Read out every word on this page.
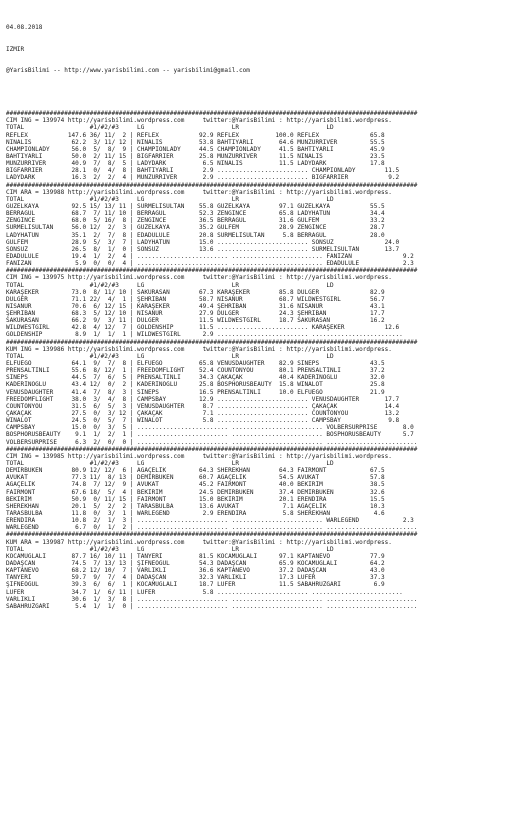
04.08.2018

IZMIR

@YarisBilimi -- http://www.yarisbilimi.com -- yarisbilimi@gmail.com

#################################################################################################################
CIM ING = 139974 http://yarisbilimi.wordpress.com     twitter:@YarisBilimi : http://yarisbilimi.wordpress.
TOTAL                  #1/#2/#3     LG                        LR                        LD
REFLEX           147.6 36/ 11/  2 | REFLEX           92.9 REFLEX          100.0 REFLEX              65.8
NINALIS           62.2  3/ 11/ 12 | NINALIS          53.8 BAHTIYARLI       64.6 MUNZURRIVER         55.5
CHAMPIONLADY      56.0  5/  8/  9 | CHAMPIONLADY     44.5 CHAMPIONLADY     41.5 BAHTIYARLI          45.9
BAHTIYARLI        50.0  2/ 11/ 15 | BIGFARRIER       25.8 MUNZURRIVER      11.5 NINALIS             23.5
MUNZURRIVER       40.9  7/  8/  5 | LADYDARK          6.5 NINALIS          11.5 LADYDARK            17.8
BIGFARRIER        28.1  0/  4/  8 | BAHTIYARLI        2.9 ......................... CHAMPIONLADY        11.5
LADYDARK          16.3  2/  2/  4 | MUNZURRIVER       2.9 ......................... BIGFARRIER           9.2
#################################################################################################################
CIM ARA = 139988 http://yarisbilimi.wordpress.com     twitter:@YarisBilimi : http://yarisbilimi.wordpress.
TOTAL                  #1/#2/#3     LG                        LR                        LD
GÜZELKAYA         92.5 15/ 13/ 11 | SÜRMELİSULTAN    55.8 GÜZELKAYA        97.1 GÜZELKAYA           55.5
BERRAGÜL          68.7  7/ 11/ 10 | BERRAGÜL         52.3 ZENGİNCE         65.8 LADYHATUN           34.4
ZENGİNCE          68.0  5/ 16/  8 | ZENGİNCE         36.5 BERRAGÜL         31.6 GÜLFEM              33.2
SÜRMELİSULTAN     56.0 12/  2/  3 | GÜZELKAYA        35.2 GÜLFEM           28.9 ZENGİNCE            28.7
LADYHATUN         35.1  2/  7/  8 | EDADULÜLE        20.8 SÜRMELİSULTAN     5.8 BERRAGÜL            28.0
GÜLFEM            28.9  5/  3/  7 | LADYHATUN        15.0 ......................... SONSUZ              24.0
SONSUZ            26.5  8/  1/  0 | SONSUZ           13.6 ......................... SÜRMELİSULTAN       13.7
EDADULÜLE         19.4  1/  2/  4 | ......................... ......................... FANİZAN              9.2
FANİZAN            5.9  0/  0/  4 | ......................... ......................... EDADULÜLE            2.3
#################################################################################################################
CIM ING = 139975 http://yarisbilimi.wordpress.com     twitter:@YarisBilimi : http://yarisbilimi.wordpress.
TOTAL                  #1/#2/#3     LG                        LR                        LD
KARAŞEKER         73.0  8/ 11/ 10 | SAKURASAN        67.3 KARAŞEKER        85.8 DÜLGER              82.9
DÜLGER            71.1 22/  4/  1 | ŞEHRİBAN         58.7 NİSANUR          68.7 WILDWESTGIRL        56.7
NİSANUR           70.6  6/ 12/ 15 | KARAŞEKER        49.4 ŞEHRİBAN         31.6 NİSANUR             43.1
ŞEHRİBAN          68.3  5/ 12/ 10 | NİSANUR          27.9 DÜLGER           24.3 ŞEHRİBAN            17.7
SAKURASAN         66.2  9/  3/ 11 | DÜLGER           11.5 WILDWESTGIRL     18.7 SAKURASAN           16.2
WILDWESTGIRL      42.8  4/ 12/  7 | GOLDENSHIP       11.5 ......................... KARAŞEKER           12.6
GOLDENSHIP         8.9  1/  1/  1 | WILDWESTGIRL      2.9 ......................... .........................
#################################################################################################################
KUM ING = 139986 http://yarisbilimi.wordpress.com     twitter:@YarisBilimi : http://yarisbilimi.wordpress.
TOTAL                  #1/#2/#3     LG                        LR                        LD
ELFUEGO           64.1  9/  7/  8 | ELFUEGO          65.8 VENUSDAUGHTER    82.9 SİNEPS              43.5
PRENSALTINLI      55.6  8/ 12/  1 | FREEDOMFLIGHT    52.4 COUNTONYOU       80.1 PRENSALTINLI        37.2
SİNEPS            44.5  7/  6/  5 | PRENSALTINLI     34.3 ÇAKAÇAK          40.4 KADERİNOĞLU         32.0
KADERİNOĞLU       43.4 12/  0/  2 | KADERİNOĞLU      25.8 BOSPHORUSBEAUTY  15.8 WINALOT             25.8
VENUSDAUGHTER     41.4  7/  8/  3 | SİNEPS           16.5 PRENSALTINLI     10.0 ELFUEGO             21.9
FREEDOMFLIGHT     38.0  3/  4/  8 | CAMPSBAY         12.9 ......................... VENUSDAUGHTER       17.7
COUNTONYOU        31.5  6/  5/  3 | VENUSDAUGHTER     8.7 ......................... ÇAKAÇAK             14.4
ÇAKAÇAK           27.5  0/  3/ 12 | ÇAKAÇAK           7.1 ......................... COUNTONYOU          13.2
WINALOT           24.5  0/  5/  7 | WINALOT           5.8 ......................... CAMPSBAY             9.8
CAMPSBAY          15.0  0/  3/  5 | ......................... ......................... VOLBERSURPRISE       8.0
BOSPHORUSBEAUTY    9.1  1/  2/  1 | ......................... ......................... BOSPHORUSBEAUTY      5.7
VOLBERSURPRISE     6.3  2/  0/  0 | ......................... ......................... .........................
#################################################################################################################
CIM ING = 139985 http://yarisbilimi.wordpress.com     twitter:@YarisBilimi : http://yarisbilimi.wordpress.
TOTAL                  #1/#2/#3     LG                        LR                        LD
DEMİRBÜKEN        80.9 12/ 12/  6 | AĞAÇELİK         64.3 SHEREKHAN        64.3 FAIRMONT            67.5
AVUKAT            77.3 11/  8/ 13 | DEMİRBÜKEN       60.7 AĞAÇELİK         54.5 AVUKAT              57.8
AĞAÇELİK          74.8  7/ 12/  9 | AVUKAT           45.2 FAIRMONT         40.0 BEKİRİM             38.5
FAIRMONT          67.6 18/  5/  4 | BEKİRİM          24.5 DEMİRBÜKEN       37.4 DEMİRBÜKEN          32.6
BEKİRİM           50.9  0/ 11/ 15 | FAIRMONT         15.0 BEKİRİM          20.1 ERENDIRA            15.5
SHEREKHAN         20.1  5/  2/  2 | TARASBULBA       13.6 AVUKAT            7.1 AĞAÇELİK            10.3
TARASBULBA        11.8  0/  3/  1 | WARLEGEND         2.9 ERENDIRA          5.8 SHEREKHAN            4.6
ERENDIRA          10.8  2/  1/  3 | ......................... ......................... WARLEGEND            2.3
WARLEGEND          6.7  0/  1/  2 | ......................... ......................... .........................
#################################################################################################################
KUM ARA = 139987 http://yarisbilimi.wordpress.com     twitter:@YarisBilimi : http://yarisbilimi.wordpress.
TOTAL                  #1/#2/#3     LG                        LR                        LD
KOCAMUĞLALI       87.7 16/ 10/ 11 | TANYERİ          81.5 KOCAMUĞLALI      97.1 KAPTANEVO           77.9
DADAŞCAN          74.5  7/ 13/ 13 | ŞİFNEOĞUL        54.3 DADAŞCAN         65.9 KOCAMUĞLALI         64.2
KAPTANEVO         68.2 12/ 10/  7 | VARLIKLI         36.6 KAPTANEVO        37.2 DADAŞCAN            43.0
TANYERİ           59.7  9/  7/  4 | DADAŞCAN         32.3 VARLIKLI         17.3 LÜFER               37.3
ŞİFNEOĞUL         39.3  6/  6/  1 | KOCAMUĞLALI      18.7 LÜFER            11.5 SABAHRÜZGARI         6.9
LÜFER             34.7  1/  6/ 11 | LÜFER             5.8 ......................... .........................
VARLIKLI          30.6  1/  3/  8 | ......................... ......................... .........................
SABAHRÜZGARI       5.4  1/  1/  0 | ......................... ......................... .........................
